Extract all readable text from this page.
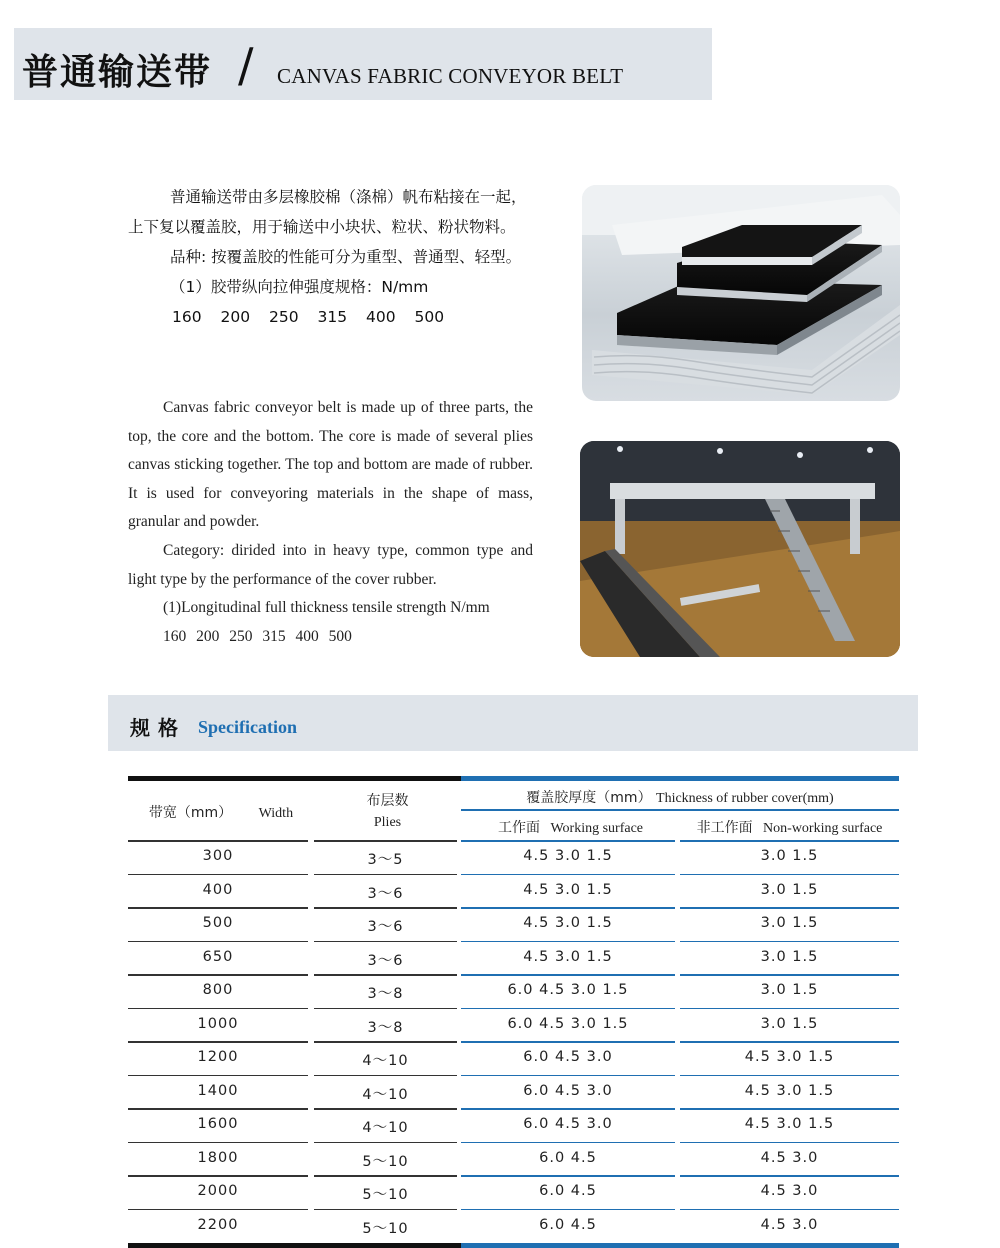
普通输送带 / CANVAS FABRIC CONVEYOR BELT

普通输送带由多层橡胶棉（涤棉）帆布粘接在一起，上下复以覆盖胶，用于输送中小块状、粒状、粉状物料。

品种: 按覆盖胶的性能可分为重型、普通型、轻型。

（1）胶带纵向拉伸强度规格：N/mm

160 200 250 315 400 500

Canvas fabric conveyor belt is made up of three parts, the top, the core and the bottom. The core is made of several plies canvas sticking together. The top and bottom are made of rubber. It is used for conveyoring materials in the shape of mass, granular and powder.

Category: dirided into in heavy type, common type and light type by the performance of the cover rubber.

(1)Longitudinal full thickness tensile strength N/mm

160 200 250 315 400 500

规格 Specification
带宽（mm） Width
布层数
Plies
覆盖胶厚度（mm） Thickness of rubber cover(mm)
工作面 Working surface	非工作面 Non-working surface
300	3～5	4.5 3.0 1.5	3.0 1.5
400	3～6	4.5 3.0 1.5	3.0 1.5
500	3～6	4.5 3.0 1.5	3.0 1.5
650	3～6	4.5 3.0 1.5	3.0 1.5
800	3～8	6.0 4.5 3.0 1.5	3.0 1.5
1000	3～8	6.0 4.5 3.0 1.5	3.0 1.5
1200	4～10	6.0 4.5 3.0	4.5 3.0 1.5
1400	4～10	6.0 4.5 3.0	4.5 3.0 1.5
1600	4～10	6.0 4.5 3.0	4.5 3.0 1.5
1800	5～10	6.0 4.5	4.5 3.0
2000	5～10	6.0 4.5	4.5 3.0
2200	5～10	6.0 4.5	4.5 3.0
